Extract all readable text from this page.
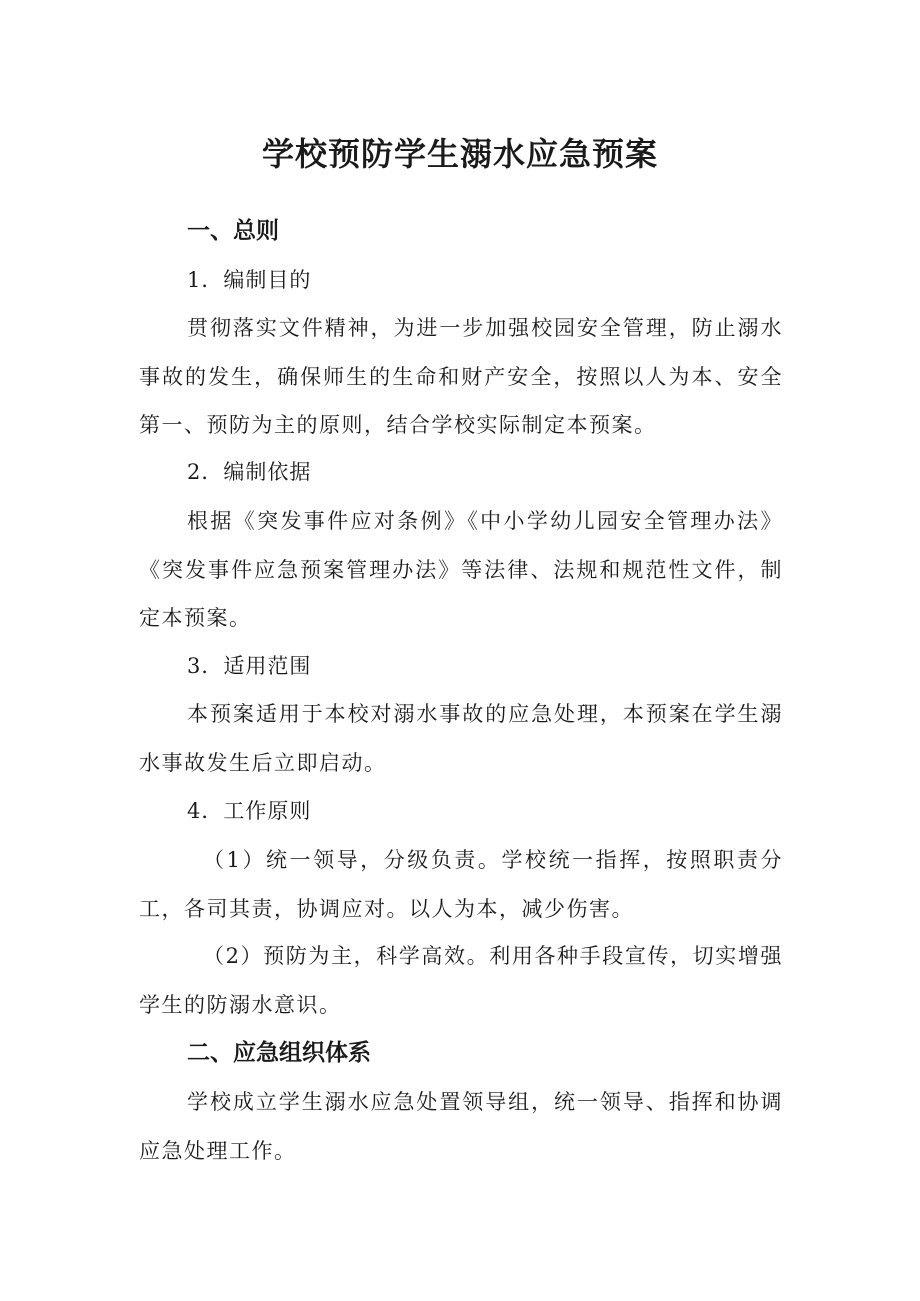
学校预防学生溺水应急预案
一、总则
1．编制目的

贯彻落实文件精神，为进一步加强校园安全管理，防止溺水事故的发生，确保师生的生命和财产安全，按照以人为本、安全第一、预防为主的原则，结合学校实际制定本预案。

2．编制依据

根据《突发事件应对条例》《中小学幼儿园安全管理办法》《突发事件应急预案管理办法》等法律、法规和规范性文件，制定本预案。

3．适用范围

本预案适用于本校对溺水事故的应急处理，本预案在学生溺水事故发生后立即启动。

4．工作原则

（1）统一领导，分级负责。学校统一指挥，按照职责分工，各司其责，协调应对。以人为本，减少伤害。

（2）预防为主，科学高效。利用各种手段宣传，切实增强学生的防溺水意识。

二、应急组织体系

学校成立学生溺水应急处置领导组，统一领导、指挥和协调应急处理工作。
